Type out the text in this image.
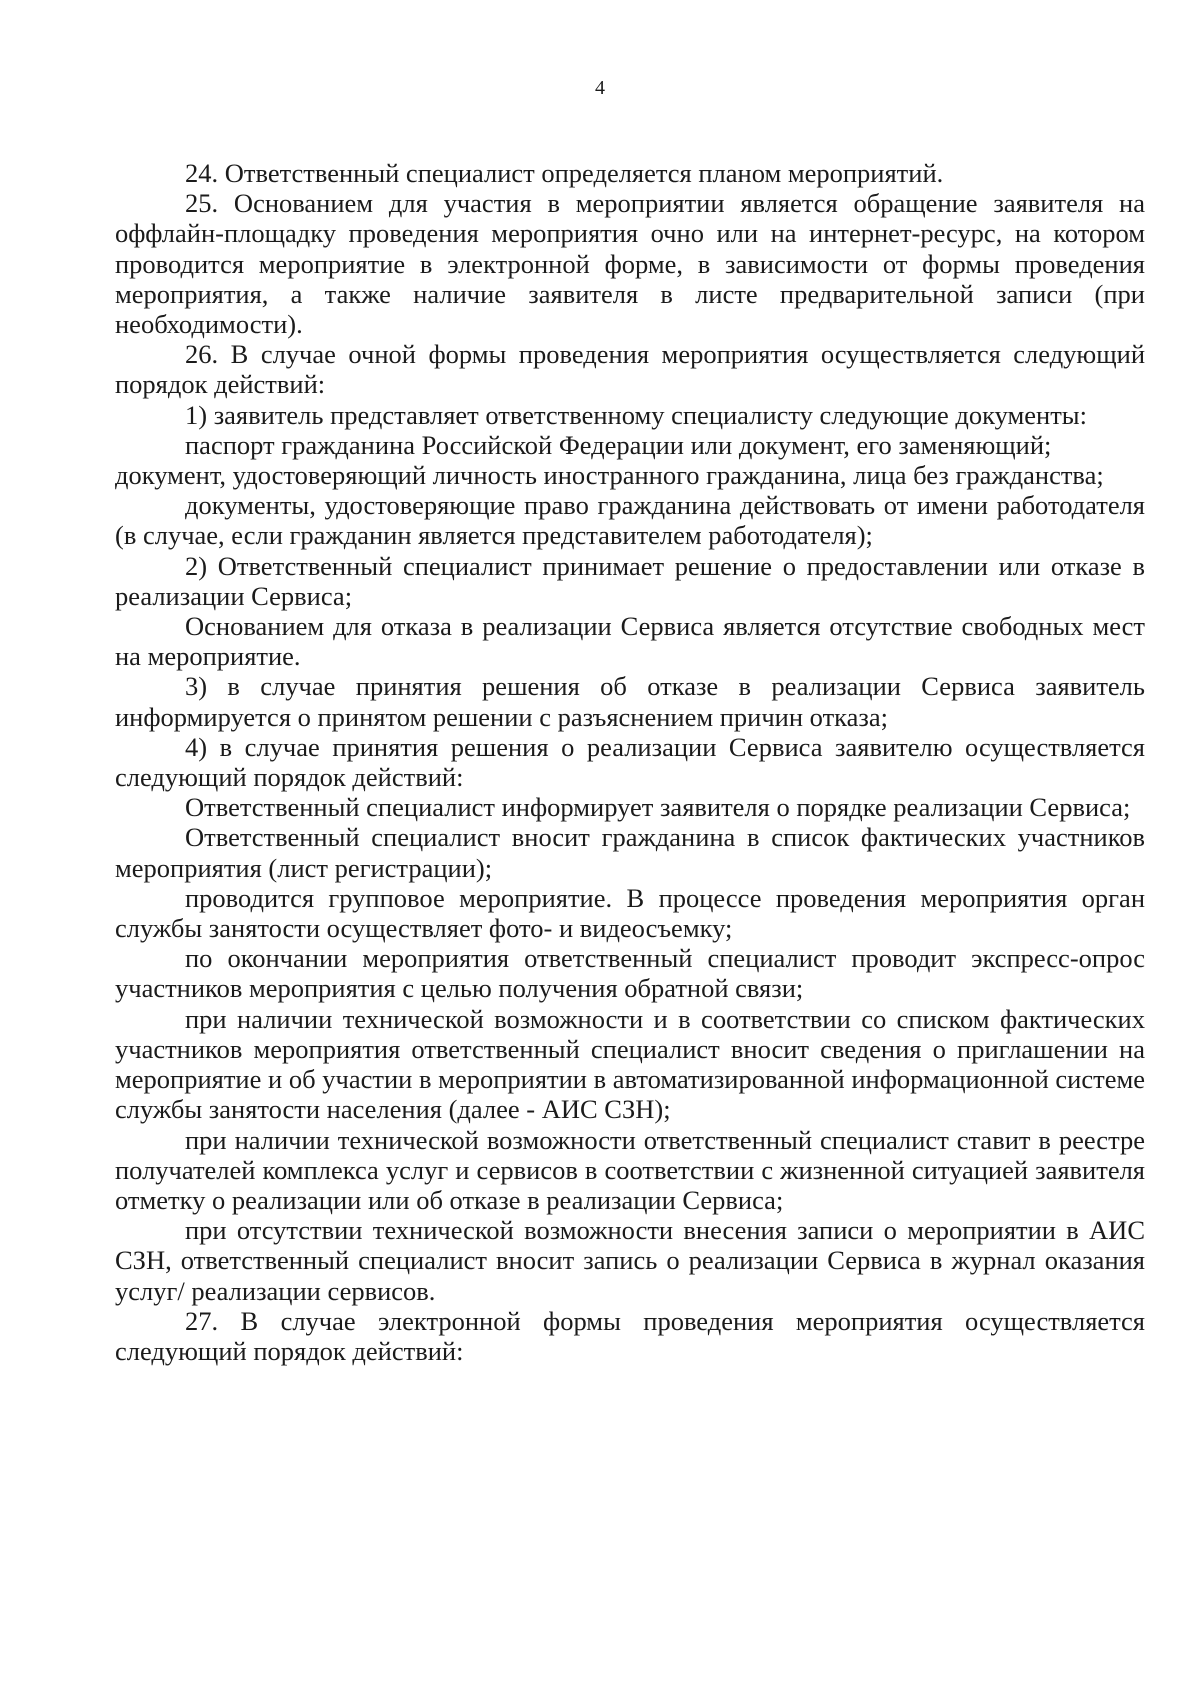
4

24. Ответственный специалист определяется планом мероприятий.

25. Основанием для участия в мероприятии является обращение заявителя на оффлайн-площадку проведения мероприятия очно или на интернет-ресурс, на котором проводится мероприятие в электронной форме, в зависимости от формы проведения мероприятия, а также наличие заявителя в листе предварительной записи (при необходимости).

26. В случае очной формы проведения мероприятия осуществляется следующий порядок действий:

1) заявитель представляет ответственному специалисту следующие документы:

паспорт гражданина Российской Федерации или документ, его заменяющий;

документ, удостоверяющий личность иностранного гражданина, лица без гражданства;

документы, удостоверяющие право гражданина действовать от имени работодателя (в случае, если гражданин является представителем работодателя);

2) Ответственный специалист принимает решение о предоставлении или отказе в реализации Сервиса;

Основанием для отказа в реализации Сервиса является отсутствие свободных мест на мероприятие.

3) в случае принятия решения об отказе в реализации Сервиса заявитель информируется о принятом решении с разъяснением причин отказа;

4) в случае принятия решения о реализации Сервиса заявителю осуществляется следующий порядок действий:

Ответственный специалист информирует заявителя о порядке реализации Сервиса;

Ответственный специалист вносит гражданина в список фактических участников мероприятия (лист регистрации);

проводится групповое мероприятие. В процессе проведения мероприятия орган службы занятости осуществляет фото- и видеосъемку;

по окончании мероприятия ответственный специалист проводит экспресс-опрос участников мероприятия с целью получения обратной связи;

при наличии технической возможности и в соответствии со списком фактических участников мероприятия ответственный специалист вносит сведения о приглашении на мероприятие и об участии в мероприятии в автоматизированной информационной системе службы занятости населения (далее - АИС СЗН);

при наличии технической возможности ответственный специалист ставит в реестре получателей комплекса услуг и сервисов в соответствии с жизненной ситуацией заявителя отметку о реализации или об отказе в реализации Сервиса;

при отсутствии технической возможности внесения записи о мероприятии в АИС СЗН, ответственный специалист вносит запись о реализации Сервиса в журнал оказания услуг/ реализации сервисов.

27. В случае электронной формы проведения мероприятия осуществляется следующий порядок действий:
